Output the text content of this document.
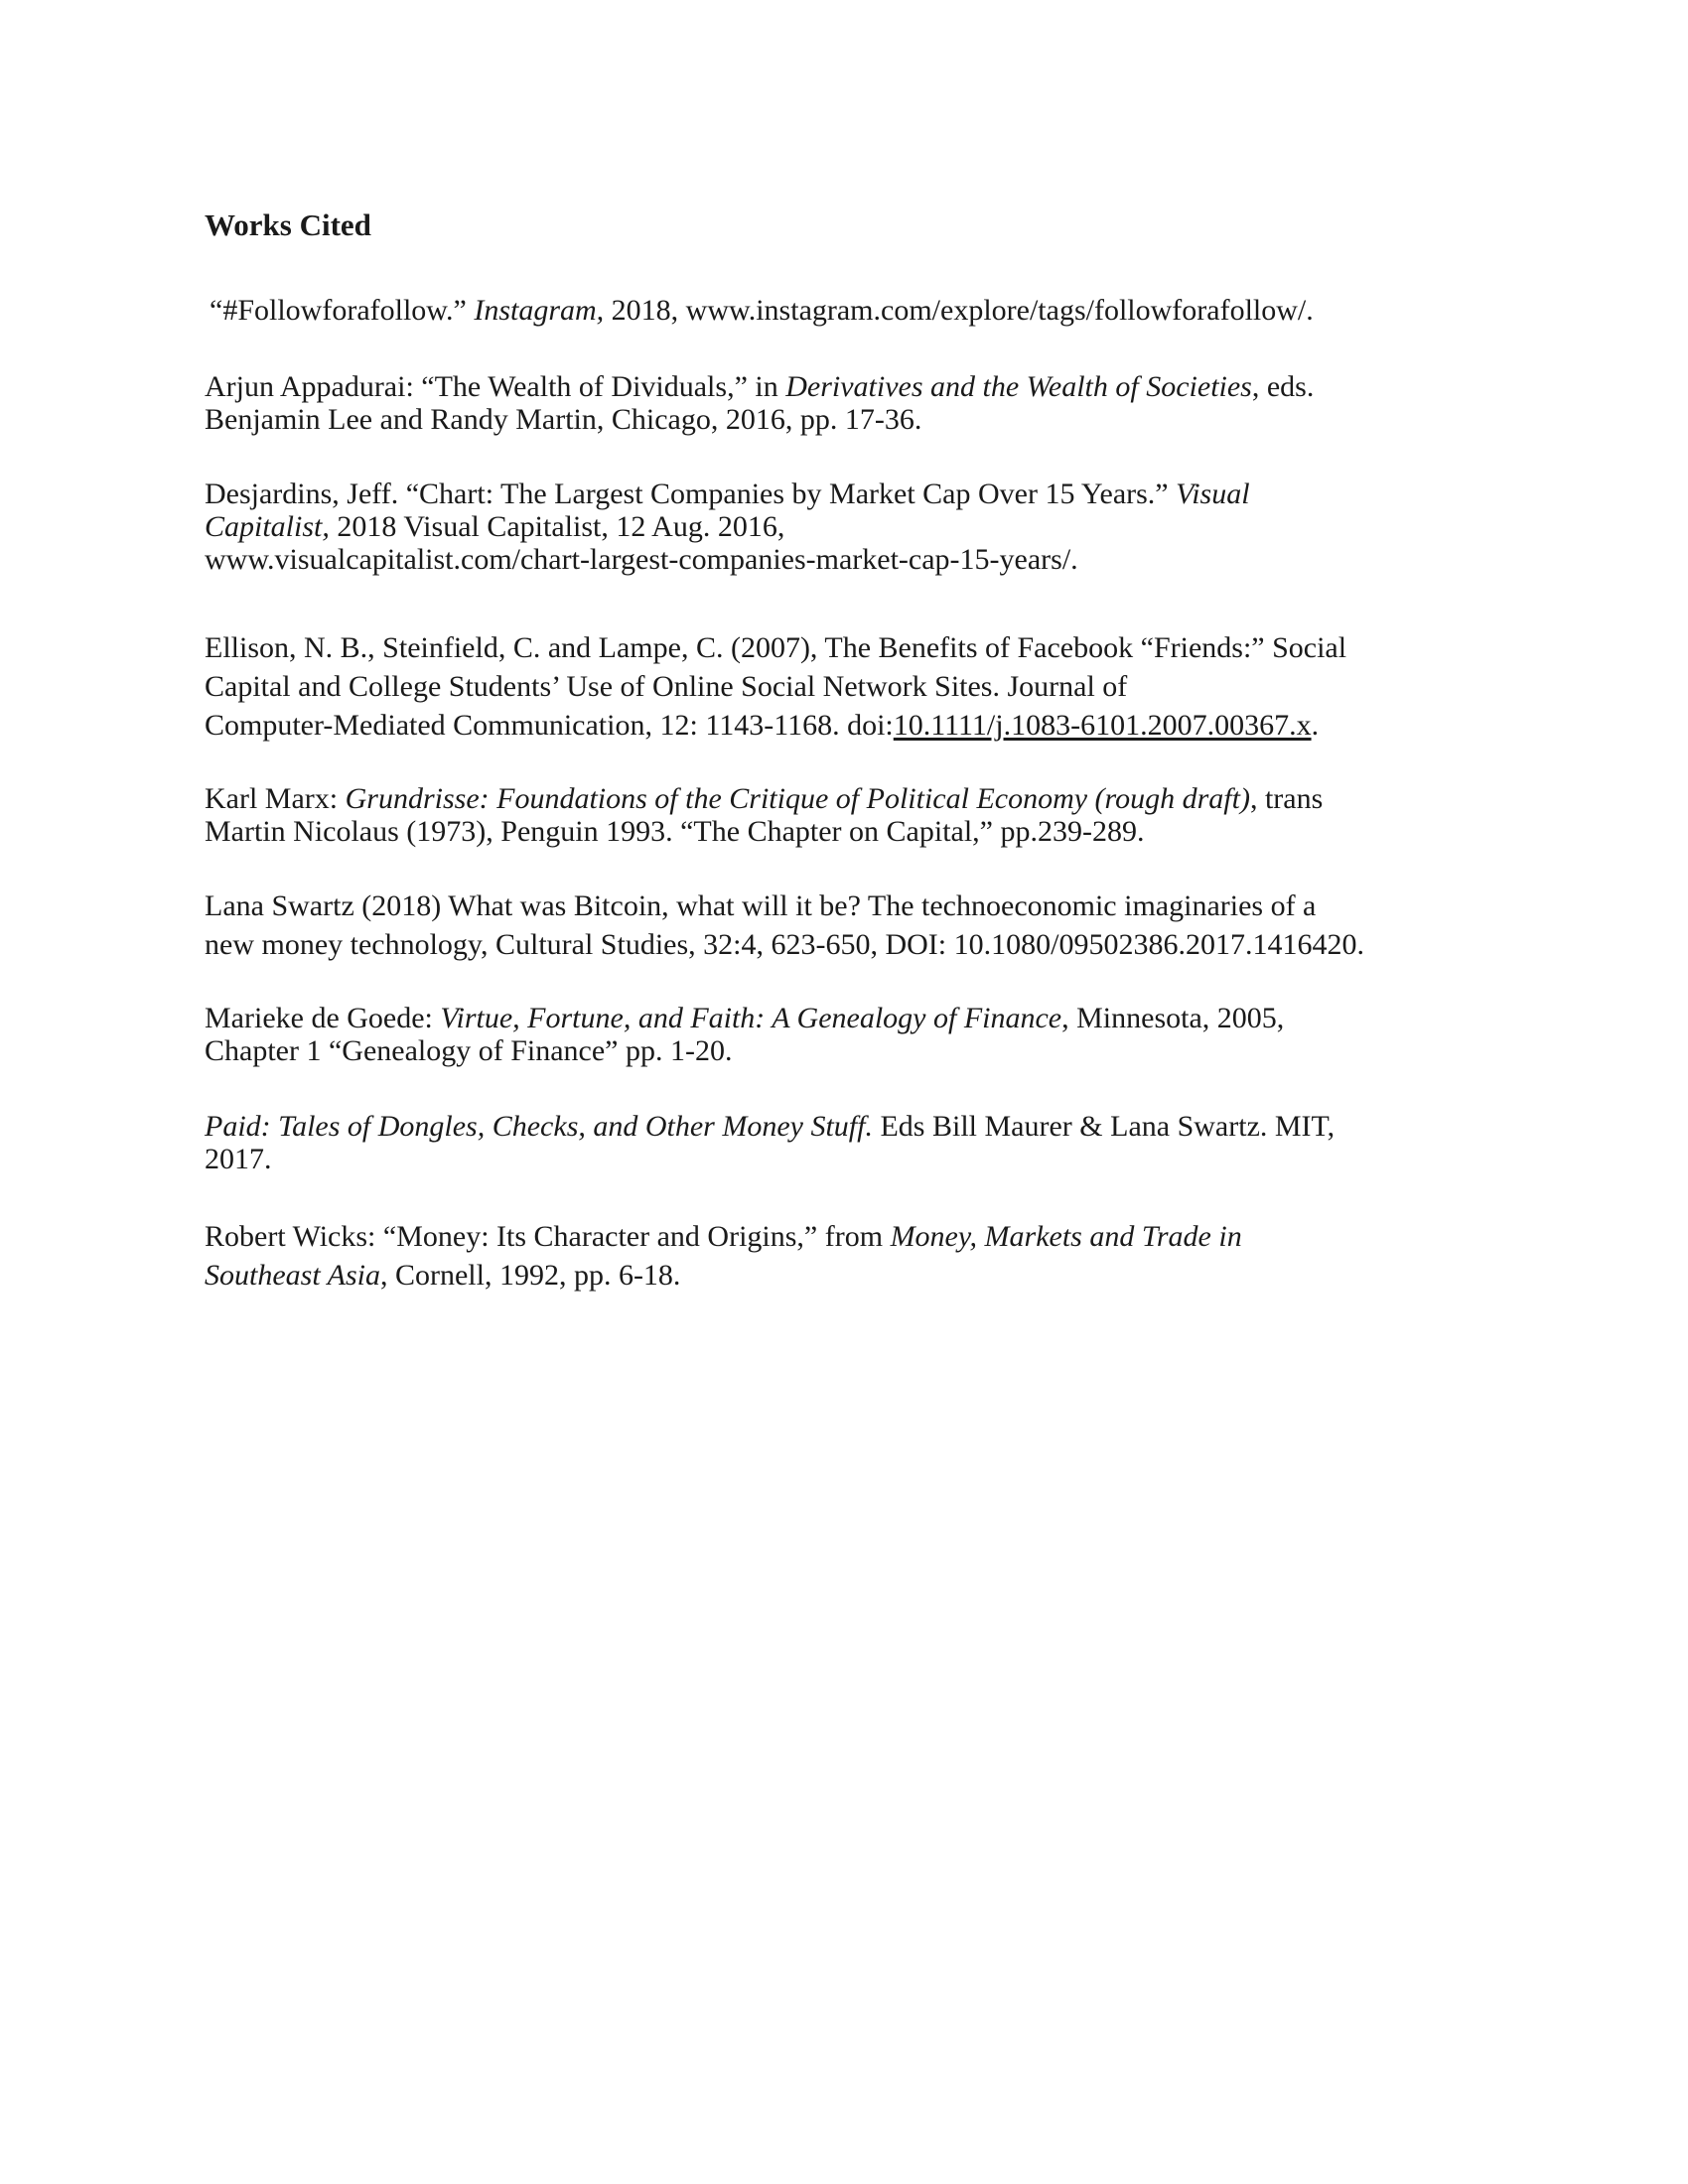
Works Cited
“#Followforafollow.” Instagram, 2018, www.instagram.com/explore/tags/followforafollow/.
Arjun Appadurai: “The Wealth of Dividuals,” in Derivatives and the Wealth of Societies, eds.
Benjamin Lee and Randy Martin, Chicago, 2016, pp. 17-36.
Desjardins, Jeff. “Chart: The Largest Companies by Market Cap Over 15 Years.” Visual
Capitalist, 2018 Visual Capitalist, 12 Aug. 2016,
www.visualcapitalist.com/chart-largest-companies-market-cap-15-years/.
Ellison, N. B., Steinfield, C. and Lampe, C. (2007), The Benefits of Facebook “Friends:” Social
Capital and College Students’ Use of Online Social Network Sites. Journal of
Computer-Mediated Communication, 12: 1143-1168. doi:10.1111/j.1083-6101.2007.00367.x.
Karl Marx: Grundrisse: Foundations of the Critique of Political Economy (rough draft), trans
Martin Nicolaus (1973), Penguin 1993. “The Chapter on Capital,” pp.239-289.
Lana Swartz (2018) What was Bitcoin, what will it be? The technoeconomic imaginaries of a
new money technology, Cultural Studies, 32:4, 623-650, DOI: 10.1080/09502386.2017.1416420.
Marieke de Goede: Virtue, Fortune, and Faith: A Genealogy of Finance, Minnesota, 2005,
Chapter 1 “Genealogy of Finance” pp. 1-20.
Paid: Tales of Dongles, Checks, and Other Money Stuff. Eds Bill Maurer & Lana Swartz. MIT,
2017.
Robert Wicks: “Money: Its Character and Origins,” from Money, Markets and Trade in
Southeast Asia, Cornell, 1992, pp. 6-18.
